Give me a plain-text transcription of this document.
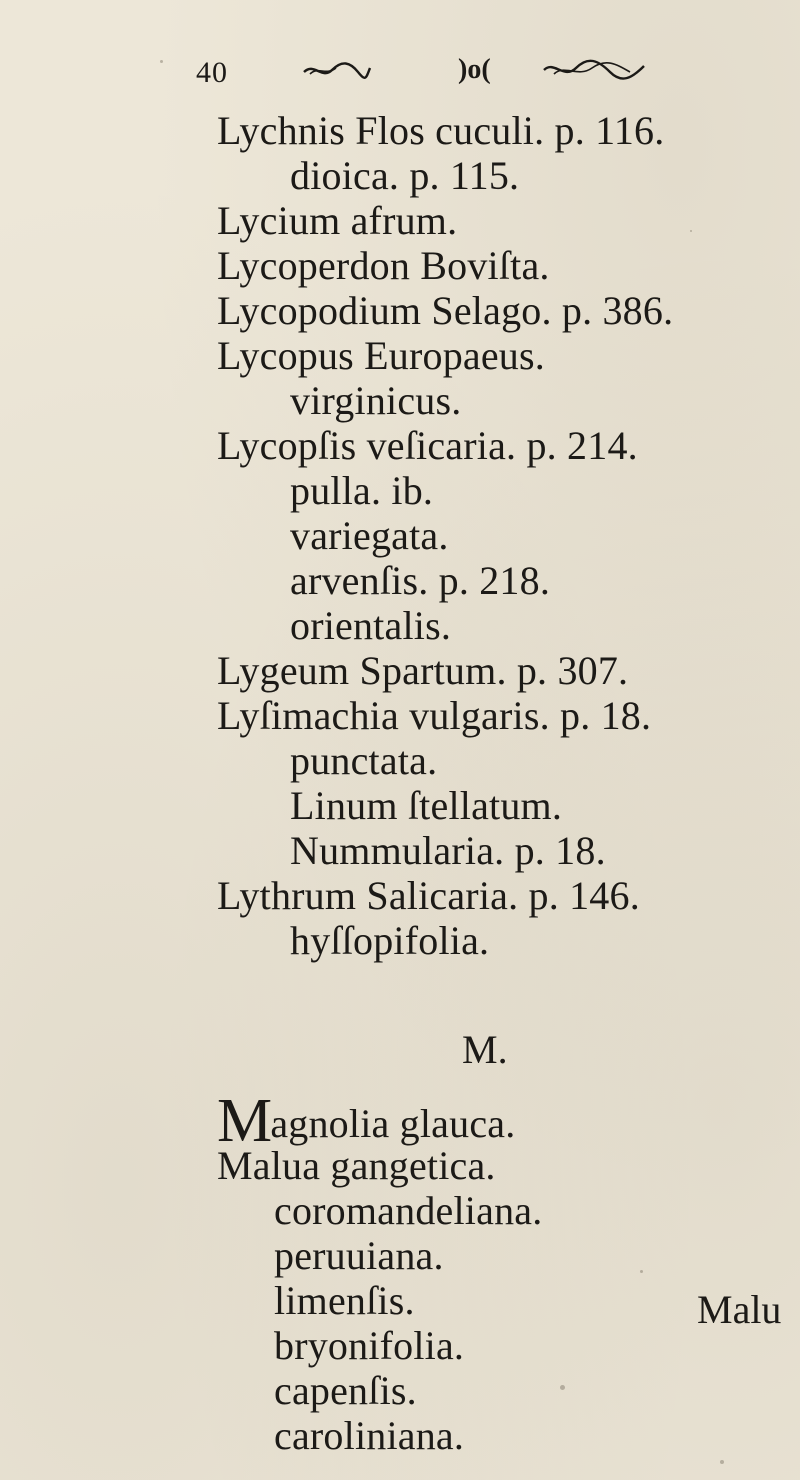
40	)o(
Lychnis Flos cuculi. p. 116.
dioica. p. 115.
Lycium afrum.
Lycoperdon Boviſta.
Lycopodium Selago. p. 386.
Lycopus Europaeus.
virginicus.
Lycopſis veſicaria. p. 214.
pulla. ib.
variegata.
arvenſis. p. 218.
orientalis.
Lygeum Spartum. p. 307.
Lyſimachia vulgaris. p. 18.
punctata.
Linum ſtellatum.
Nummularia. p. 18.
Lythrum Salicaria. p. 146.
hyſſopifolia.
M.
Magnolia glauca.
Malua gangetica.
coromandeliana.
peruuiana.
limenſis.
bryonifolia.
capenſis.
caroliniana.
Malu
